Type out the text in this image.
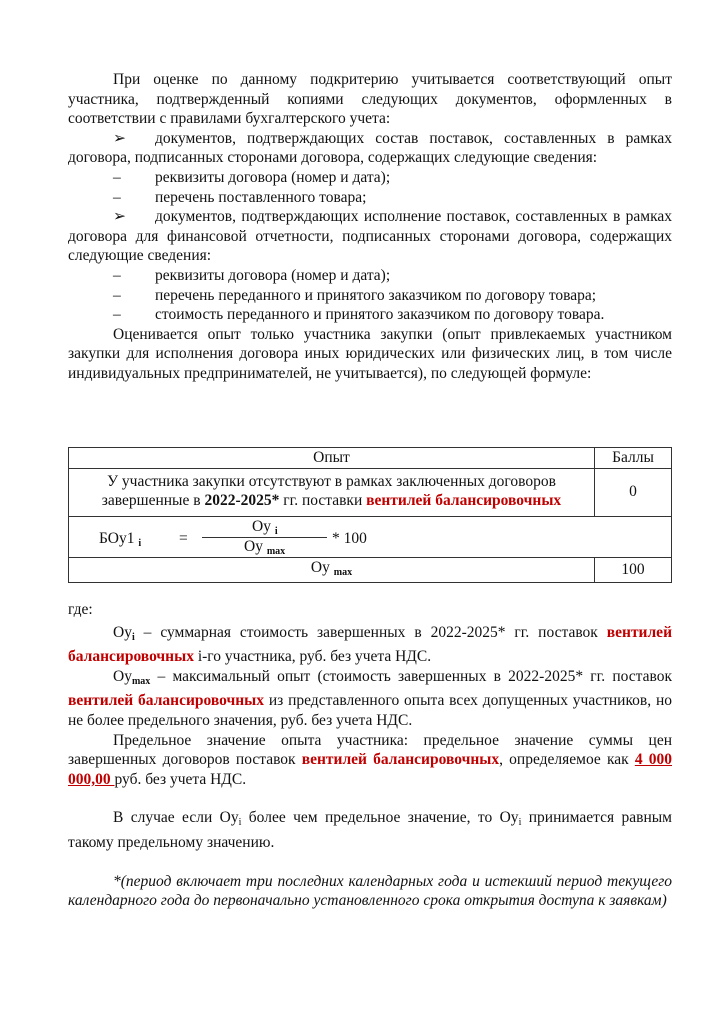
При оценке по данному подкритерию учитывается соответствующий опыт участника, подтвержденный копиями следующих документов, оформленных в соответствии с правилами бухгалтерского учета:

➢ документов, подтверждающих состав поставок, составленных в рамках договора, подписанных сторонами договора, содержащих следующие сведения:

–	реквизиты договора (номер и дата);

–	перечень поставленного товара;

➢ документов, подтверждающих исполнение поставок, составленных в рамках договора для финансовой отчетности, подписанных сторонами договора, содержащих следующие сведения:

–	реквизиты договора (номер и дата);

–	перечень переданного и принятого заказчиком по договору товара;

–	стоимость переданного и принятого заказчиком по договору товара.

Оценивается опыт только участника закупки (опыт привлекаемых участником закупки для исполнения договора иных юридических или физических лиц, в том числе индивидуальных предпринимателей, не учитывается), по следующей формуле:

Опыт	Баллы
У участника закупки отсутствуют в рамках заключенных договоров завершенные в 2022-2025* гг. поставки вентилей балансировочных	0

БОу1 $_i$ =
Оу $_i$
Оу $_{max}$
* 100	

Оу $_{max}$	100

где:

$Оу_i$ – суммарная стоимость завершенных в 2022-2025* гг. поставок вентилей балансировочных i-го участника, руб. без учета НДС.

$Оу_{max}$ – максимальный опыт (стоимость завершенных в 2022-2025* гг. поставок вентилей балансировочных из представленного опыта всех допущенных участников, но не более предельного значения, руб. без учета НДС.

Предельное значение опыта участника: предельное значение суммы цен завершенных договоров поставок вентилей балансировочных, определяемое как 4 000 000,00 руб. без учета НДС.

В случае если $Оу_i$ более чем предельное значение, то $Оу_i$ принимается равным такому предельному значению.

*(период включает три последних календарных года и истекший период текущего календарного года до первоначально установленного срока открытия доступа к заявкам)
